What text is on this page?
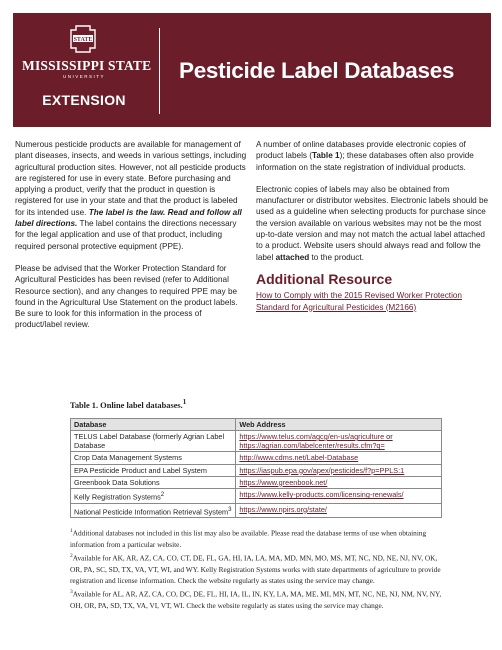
STATE
MISSISSIPPI STATE
UNIVERSITY
EXTENSION
Pesticide Label Databases

Numerous pesticide products are available for management of plant diseases, insects, and weeds in various settings, including agricultural production sites. However, not all pesticide products are registered for use in every state. Before purchasing and applying a product, verify that the product in question is registered for use in your state and that the product is labeled for its intended use. The label is the law. Read and follow all label directions. The label contains the directions necessary for the legal application and use of that product, including required personal protective equipment (PPE).

Please be advised that the Worker Protection Standard for Agricultural Pesticides has been revised (refer to Additional Resource section), and any changes to required PPE may be found in the Agricultural Use Statement on the product labels. Be sure to look for this information in the process of product/label review.

A number of online databases provide electronic copies of product labels (Table 1); these databases often also provide information on the state registration of individual products.

Electronic copies of labels may also be obtained from manufacturer or distributor websites. Electronic labels should be used as a guideline when selecting products for purchase since the version available on various websites may not be the most up-to-date version and may not match the actual label attached to a product. Website users should always read and follow the label attached to the product.

Additional Resource
How to Comply with the 2015 Revised Worker Protection Standard for Agricultural Pesticides (M2166)
Table 1. Online label databases.$^1$
Database	Web Address
TELUS Label Database (formerly Agrian Label Database	https://www.telus.com/agcg/en-us/agriculture or https://agrian.com/labelcenter/results.cfm?q=
Crop Data Management Systems	http://www.cdms.net/Label-Database
EPA Pesticide Product and Label System	https://iaspub.epa.gov/apex/pesticides/f?p=PPLS:1
Greenbook Data Solutions	https://www.greenbook.net/
Kelly Registration Systems$^2$	https://www.kelly-products.com/licensing-renewals/
National Pesticide Information Retrieval System$^3$	https://www.npirs.org/state/

$^1$Additional databases not included in this list may also be available. Please read the database terms of use when obtaining information from a particular website.

$^2$Available for AK, AR, AZ, CA, CO, CT, DE, FL, GA, HI, IA, LA, MA, MD, MN, MO, MS, MT, NC, ND, NE, NJ, NV, OK, OR, PA, SC, SD, TX, VA, VT, WI, and WY. Kelly Registration Systems works with state departments of agriculture to provide registration and license information. Check the website regularly as states using the service may change.

$^3$Available for AL, AR, AZ, CA, CO, DC, DE, FL, HI, IA, IL, IN, KY, LA, MA, ME, MI, MN, MT, NC, NE, NJ, NM, NV, NY, OH, OR, PA, SD, TX, VA, VI, VT, WI. Check the website regularly as states using the service may change.
